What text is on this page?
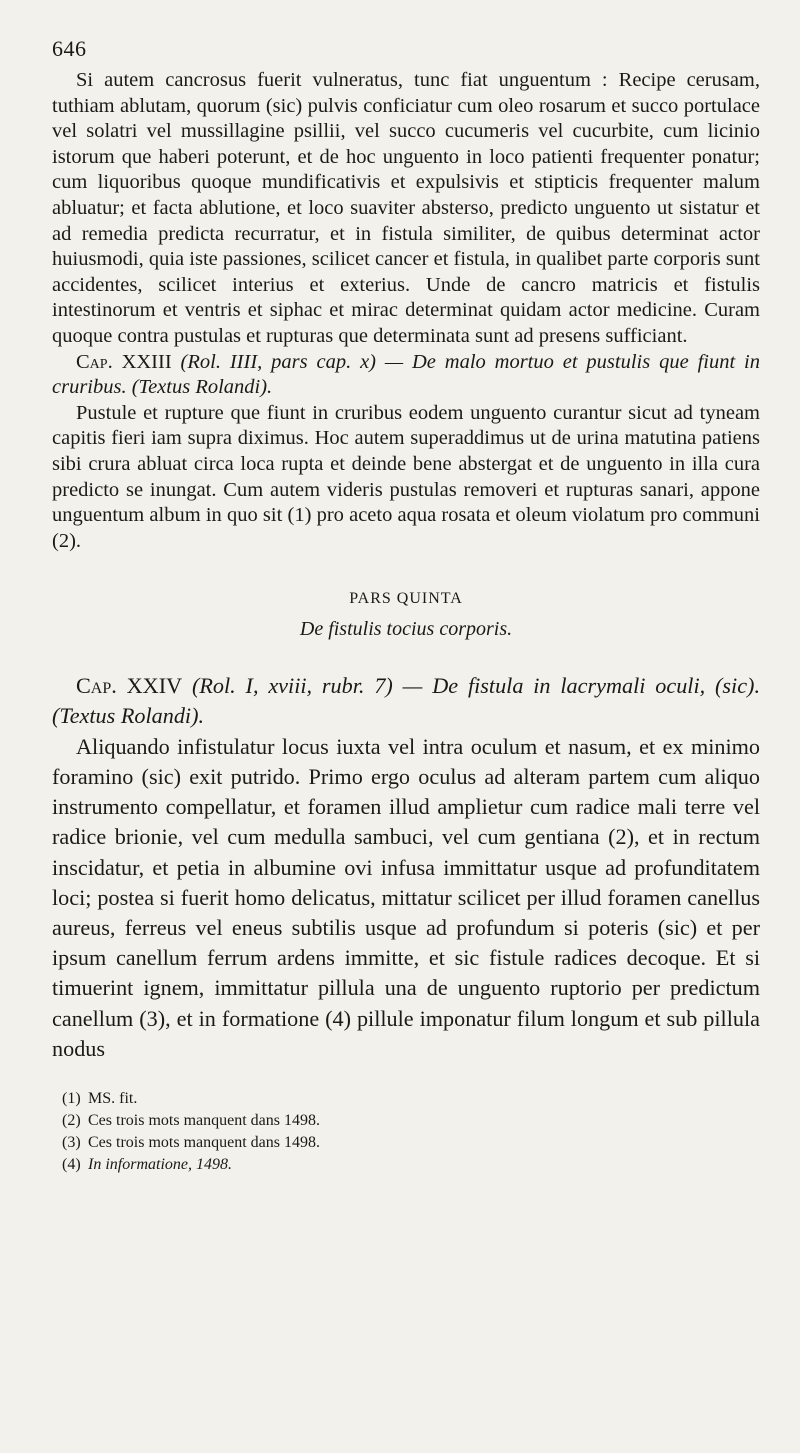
646

Si autem cancrosus fuerit vulneratus, tunc fiat unguentum : Recipe cerusam, tuthiam ablutam, quorum (sic) pulvis conficiatur cum oleo rosarum et succo portulace vel solatri vel mussillagine psillii, vel succo cucumeris vel cucurbite, cum licinio istorum que haberi poterunt, et de hoc unguento in loco patienti frequenter ponatur; cum liquoribus quoque mundificativis et expulsivis et stipticis frequenter malum abluatur; et facta ablutione, et loco suaviter absterso, predicto unguento ut sistatur et ad remedia predicta recurratur, et in fistula similiter, de quibus determinat actor huiusmodi, quia iste passiones, scilicet cancer et fistula, in qualibet parte corporis sunt accidentes, scilicet interius et exterius. Unde de cancro matricis et fistulis intestinorum et ventris et siphac et mirac determinat quidam actor medicine. Curam quoque contra pustulas et rupturas que determinata sunt ad presens sufficiant.

Cap. XXIII (Rol. IIII, pars cap. x) — De malo mortuo et pustulis que fiunt in cruribus. (Textus Rolandi).

Pustule et rupture que fiunt in cruribus eodem unguento curantur sicut ad tyneam capitis fieri iam supra diximus. Hoc autem superaddimus ut de urina matutina patiens sibi crura abluat circa loca rupta et deinde bene abstergat et de unguento in illa cura predicto se inungat. Cum autem videris pustulas removeri et rupturas sanari, appone unguentum album in quo sit (1) pro aceto aqua rosata et oleum violatum pro communi (2).

PARS QUINTA
De fistulis tocius corporis.

Cap. XXIV (Rol. I, xviii, rubr. 7) — De fistula in lacrymali oculi, (sic). (Textus Rolandi).

Aliquando infistulatur locus iuxta vel intra oculum et nasum, et ex minimo foramino (sic) exit putrido. Primo ergo oculus ad alteram partem cum aliquo instrumento compellatur, et foramen illud amplietur cum radice mali terre vel radice brionie, vel cum medulla sambuci, vel cum gentiana (2), et in rectum inscidatur, et petia in albumine ovi infusa immittatur usque ad profunditatem loci; postea si fuerit homo delicatus, mittatur scilicet per illud foramen canellus aureus, ferreus vel eneus subtilis usque ad profundum si poteris (sic) et per ipsum canellum ferrum ardens immitte, et sic fistule radices decoque. Et si timuerint ignem, immittatur pillula una de unguento ruptorio per predictum canellum (3), et in formatione (4) pillule imponatur filum longum et sub pillula nodus

(1) MS. fit.

(2) Ces trois mots manquent dans 1498.

(3) Ces trois mots manquent dans 1498.

(4) In informatione, 1498.
